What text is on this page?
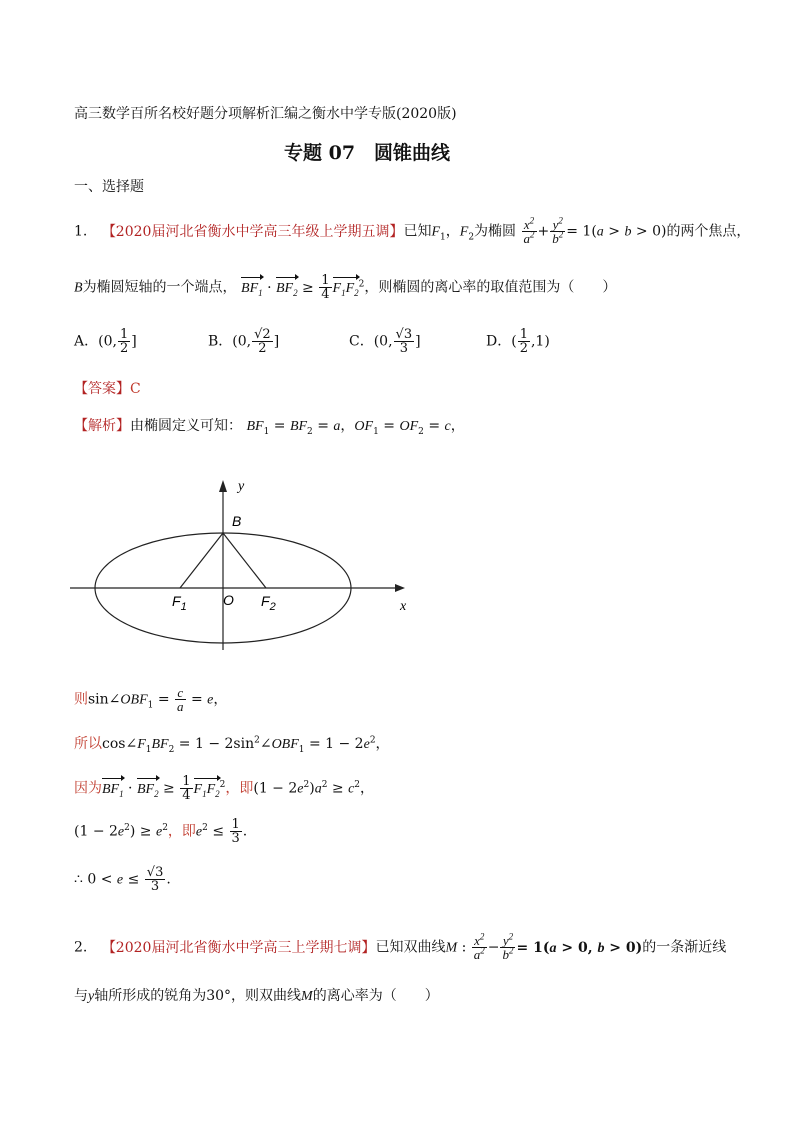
高三数学百所名校好题分项解析汇编之衡水中学专版(2020版)
专题 07　圆锥曲线
一、选择题
1. 【2020届河北省衡水中学高三年级上学期五调】已知$F_1$，$F_2$为椭圆 $\frac{x^2}{a^2} + \frac{y^2}{b^2} = 1(a > b > 0)$的两个焦点，
B为椭圆短轴的一个端点， $BF_1 \cdot BF_2 \ge \frac{1}{4} F_1F_2^2$，则椭圆的离心率的取值范围为（　　）
A．(0, $\frac{1}{2}$ ]	B．(0, $\frac{√2}{2}$ ]	C．(0, $\frac{√3}{3}$ ]	D．( $\frac{1}{2} ,1$)
【答案】C
【解析】由椭圆定义可知： $BF_1 = BF_2 = a$，$OF_1 = OF_2 = c$，
y
x
B
O
$F_1$	$F_2$
则$\sin\angle OBF_1 = \frac{c}{a} = e$，
所以$\cos\angle F_1BF_2 = 1$ − $2\sin^2\angle OBF_1 = 1 - 2e^2$，
因为$BF_1 \cdot BF_2 \ge \frac{1}{4} F_1F_2^2$，即$(1 - 2e^2)a^2 \ge c^2$，
$(1 - 2e^2) \ge e^2$，即$e^2 \le \frac{1}{3}$ .
∴ $0 < e \le \frac{√3}{3}$ .
2. 【2020届河北省衡水中学高三上学期七调】已知双曲线M : $\frac{x^2}{a^2} - \frac{y^2}{b^2} = 1(a > 0$, b > 0)的一条渐近线
与y轴所形成的锐角为30°，则双曲线M的离心率为（　　）
